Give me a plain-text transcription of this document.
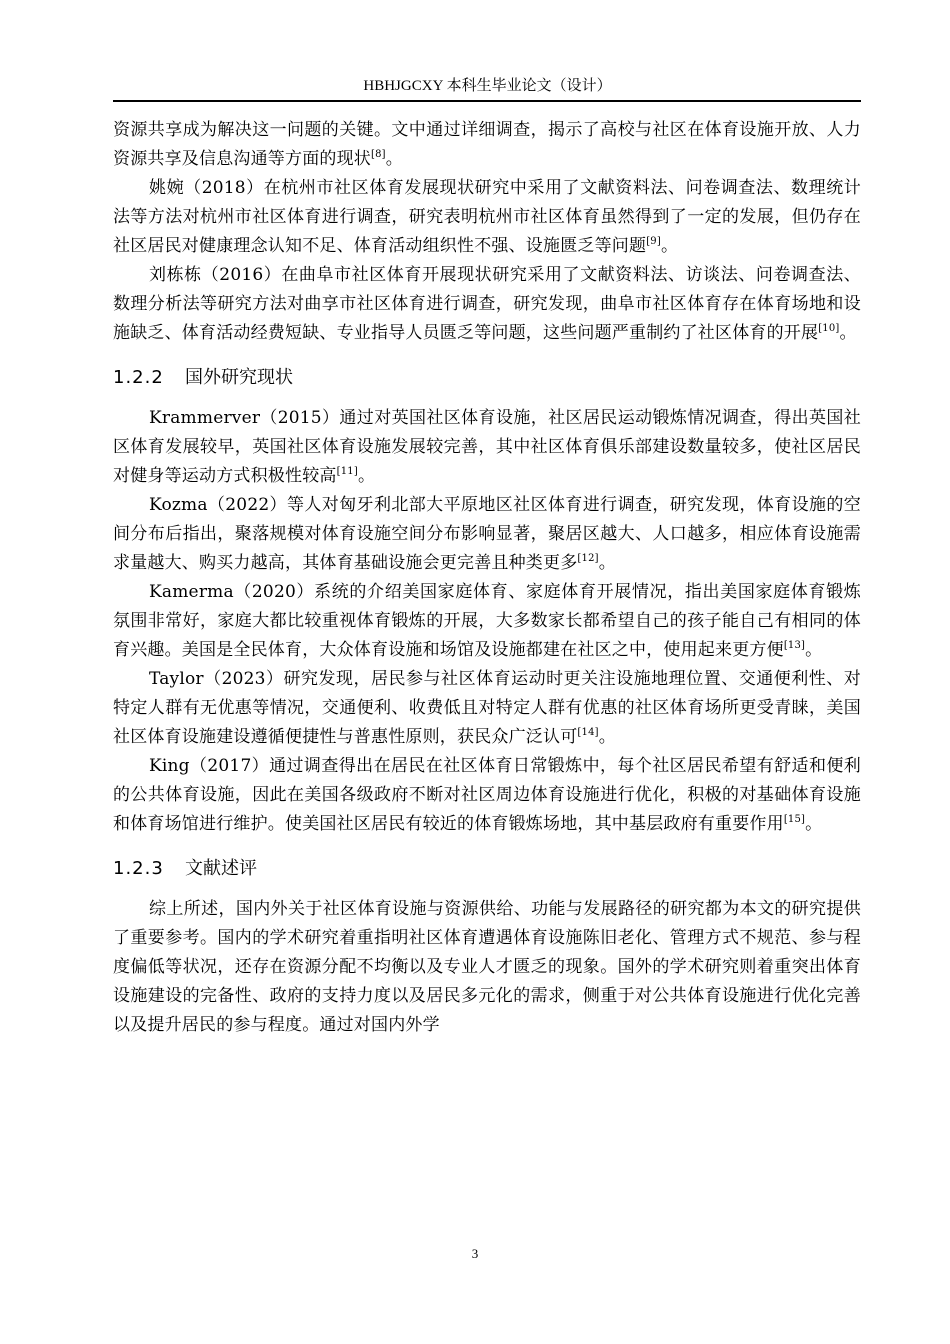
HBHJGCXY 本科生毕业论文（设计）

资源共享成为解决这一问题的关键。文中通过详细调查，揭示了高校与社区在体育设施开放、人力资源共享及信息沟通等方面的现状[8]。

姚婉（2018）在杭州市社区体育发展现状研究中采用了文献资料法、问卷调查法、数理统计法等方法对杭州市社区体育进行调查，研究表明杭州市社区体育虽然得到了一定的发展，但仍存在社区居民对健康理念认知不足、体育活动组织性不强、设施匮乏等问题[9]。

刘栋栋（2016）在曲阜市社区体育开展现状研究采用了文献资料法、访谈法、问卷调查法、数理分析法等研究方法对曲享市社区体育进行调查，研究发现，曲阜市社区体育存在体育场地和设施缺乏、体育活动经费短缺、专业指导人员匮乏等问题，这些问题严重制约了社区体育的开展[10]。

1.2.2 国外研究现状

Krammerver（2015）通过对英国社区体育设施，社区居民运动锻炼情况调查，得出英国社区体育发展较早，英国社区体育设施发展较完善，其中社区体育俱乐部建设数量较多，使社区居民对健身等运动方式积极性较高[11]。

Kozma（2022）等人对匈牙利北部大平原地区社区体育进行调查，研究发现，体育设施的空间分布后指出，聚落规模对体育设施空间分布影响显著，聚居区越大、人口越多，相应体育设施需求量越大、购买力越高，其体育基础设施会更完善且种类更多[12]。

Kamerma（2020）系统的介绍美国家庭体育、家庭体育开展情况，指出美国家庭体育锻炼氛围非常好，家庭大都比较重视体育锻炼的开展，大多数家长都希望自己的孩子能自己有相同的体育兴趣。美国是全民体育，大众体育设施和场馆及设施都建在社区之中，使用起来更方便[13]。

Taylor（2023）研究发现，居民参与社区体育运动时更关注设施地理位置、交通便利性、对特定人群有无优惠等情况，交通便利、收费低且对特定人群有优惠的社区体育场所更受青睐，美国社区体育设施建设遵循便捷性与普惠性原则，获民众广泛认可[14]。

King（2017）通过调查得出在居民在社区体育日常锻炼中，每个社区居民希望有舒适和便利的公共体育设施，因此在美国各级政府不断对社区周边体育设施进行优化，积极的对基础体育设施和体育场馆进行维护。使美国社区居民有较近的体育锻炼场地，其中基层政府有重要作用[15]。

1.2.3 文献述评

综上所述，国内外关于社区体育设施与资源供给、功能与发展路径的研究都为本文的研究提供了重要参考。国内的学术研究着重指明社区体育遭遇体育设施陈旧老化、管理方式不规范、参与程度偏低等状况，还存在资源分配不均衡以及专业人才匮乏的现象。国外的学术研究则着重突出体育设施建设的完备性、政府的支持力度以及居民多元化的需求，侧重于对公共体育设施进行优化完善以及提升居民的参与程度。通过对国内外学

3
